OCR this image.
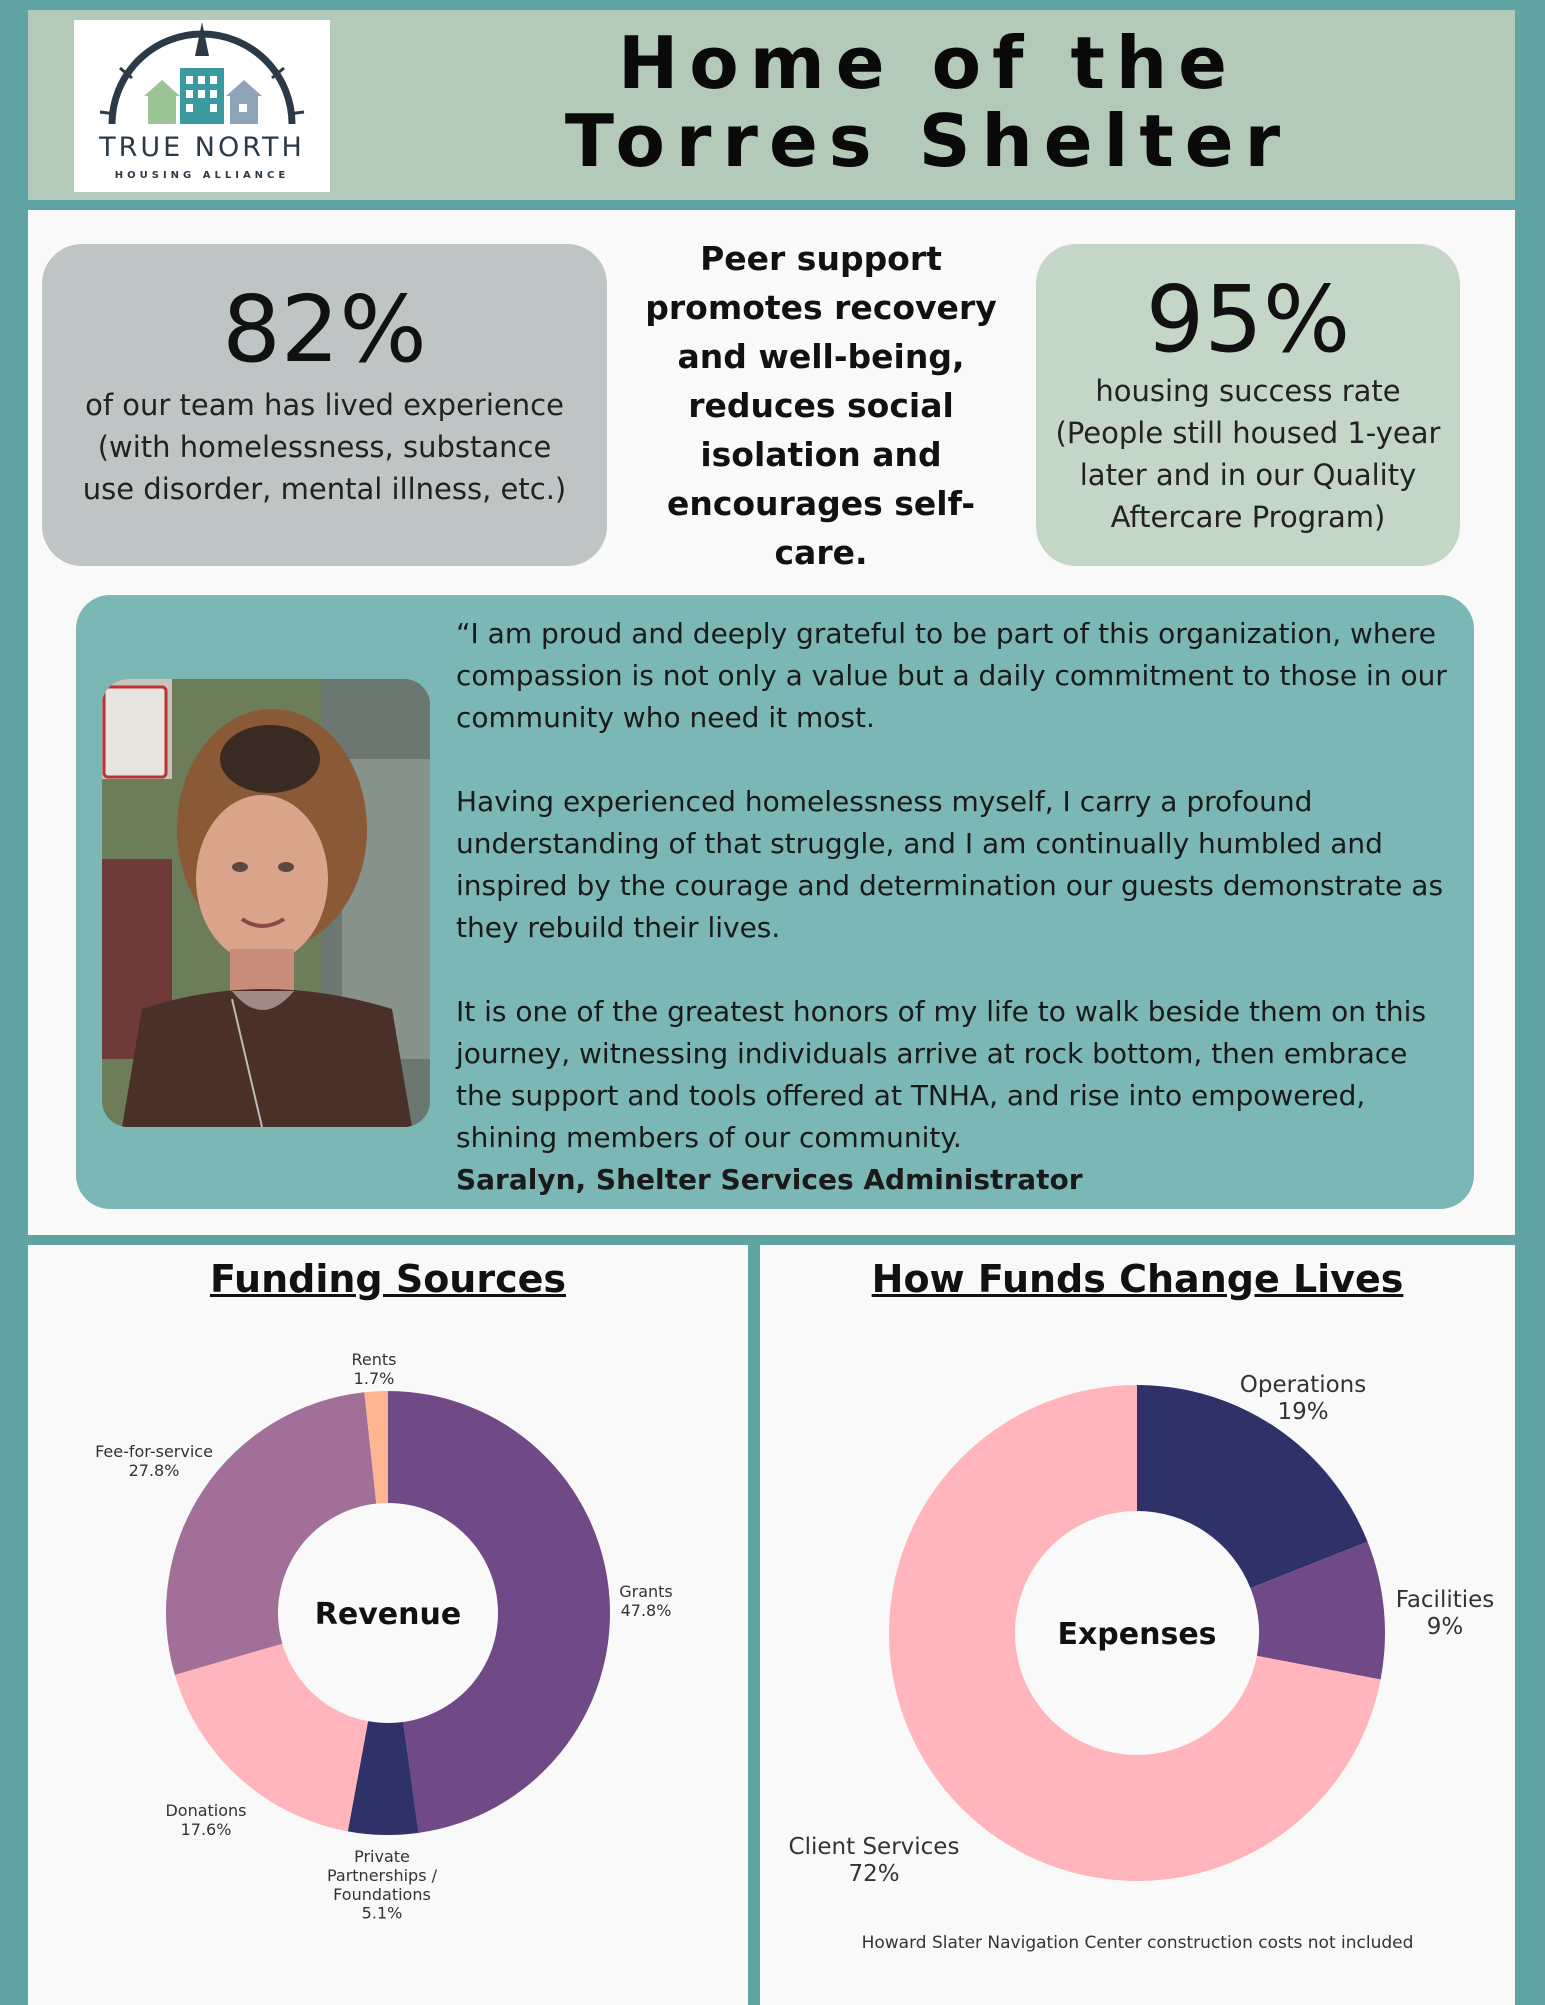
TRUE NORTH
HOUSING ALLIANCE
Home of the
Torres Shelter
82%
of our team has lived experience
(with homelessness, substance
use disorder, mental illness, etc.)
Peer support
promotes recovery
and well-being,
reduces social
isolation and
encourages self-
care.
95%
housing success rate
(People still housed 1-year
later and in our Quality
Aftercare Program)

“I am proud and deeply grateful to be part of this organization, where compassion is not only a value but a daily commitment to those in our community who need it most.

Having experienced homelessness myself, I carry a profound understanding of that struggle, and I am continually humbled and inspired by the courage and determination our guests demonstrate as they rebuild their lives.

It is one of the greatest honors of my life to walk beside them on this journey, witnessing individuals arrive at rock bottom, then embrace the support and tools offered at TNHA, and rise into empowered, shining members of our community.

Saralyn, Shelter Services Administrator
Funding Sources
Grants 47.8%
Private Partnerships / Foundations 5.1%
Donations 17.6%
Fee-for-service 27.8%
Rents 1.7%
Revenue
How Funds Change Lives
Operations 19%
Facilities 9%
Client Services 72%
Expenses
Howard Slater Navigation Center construction costs not included
